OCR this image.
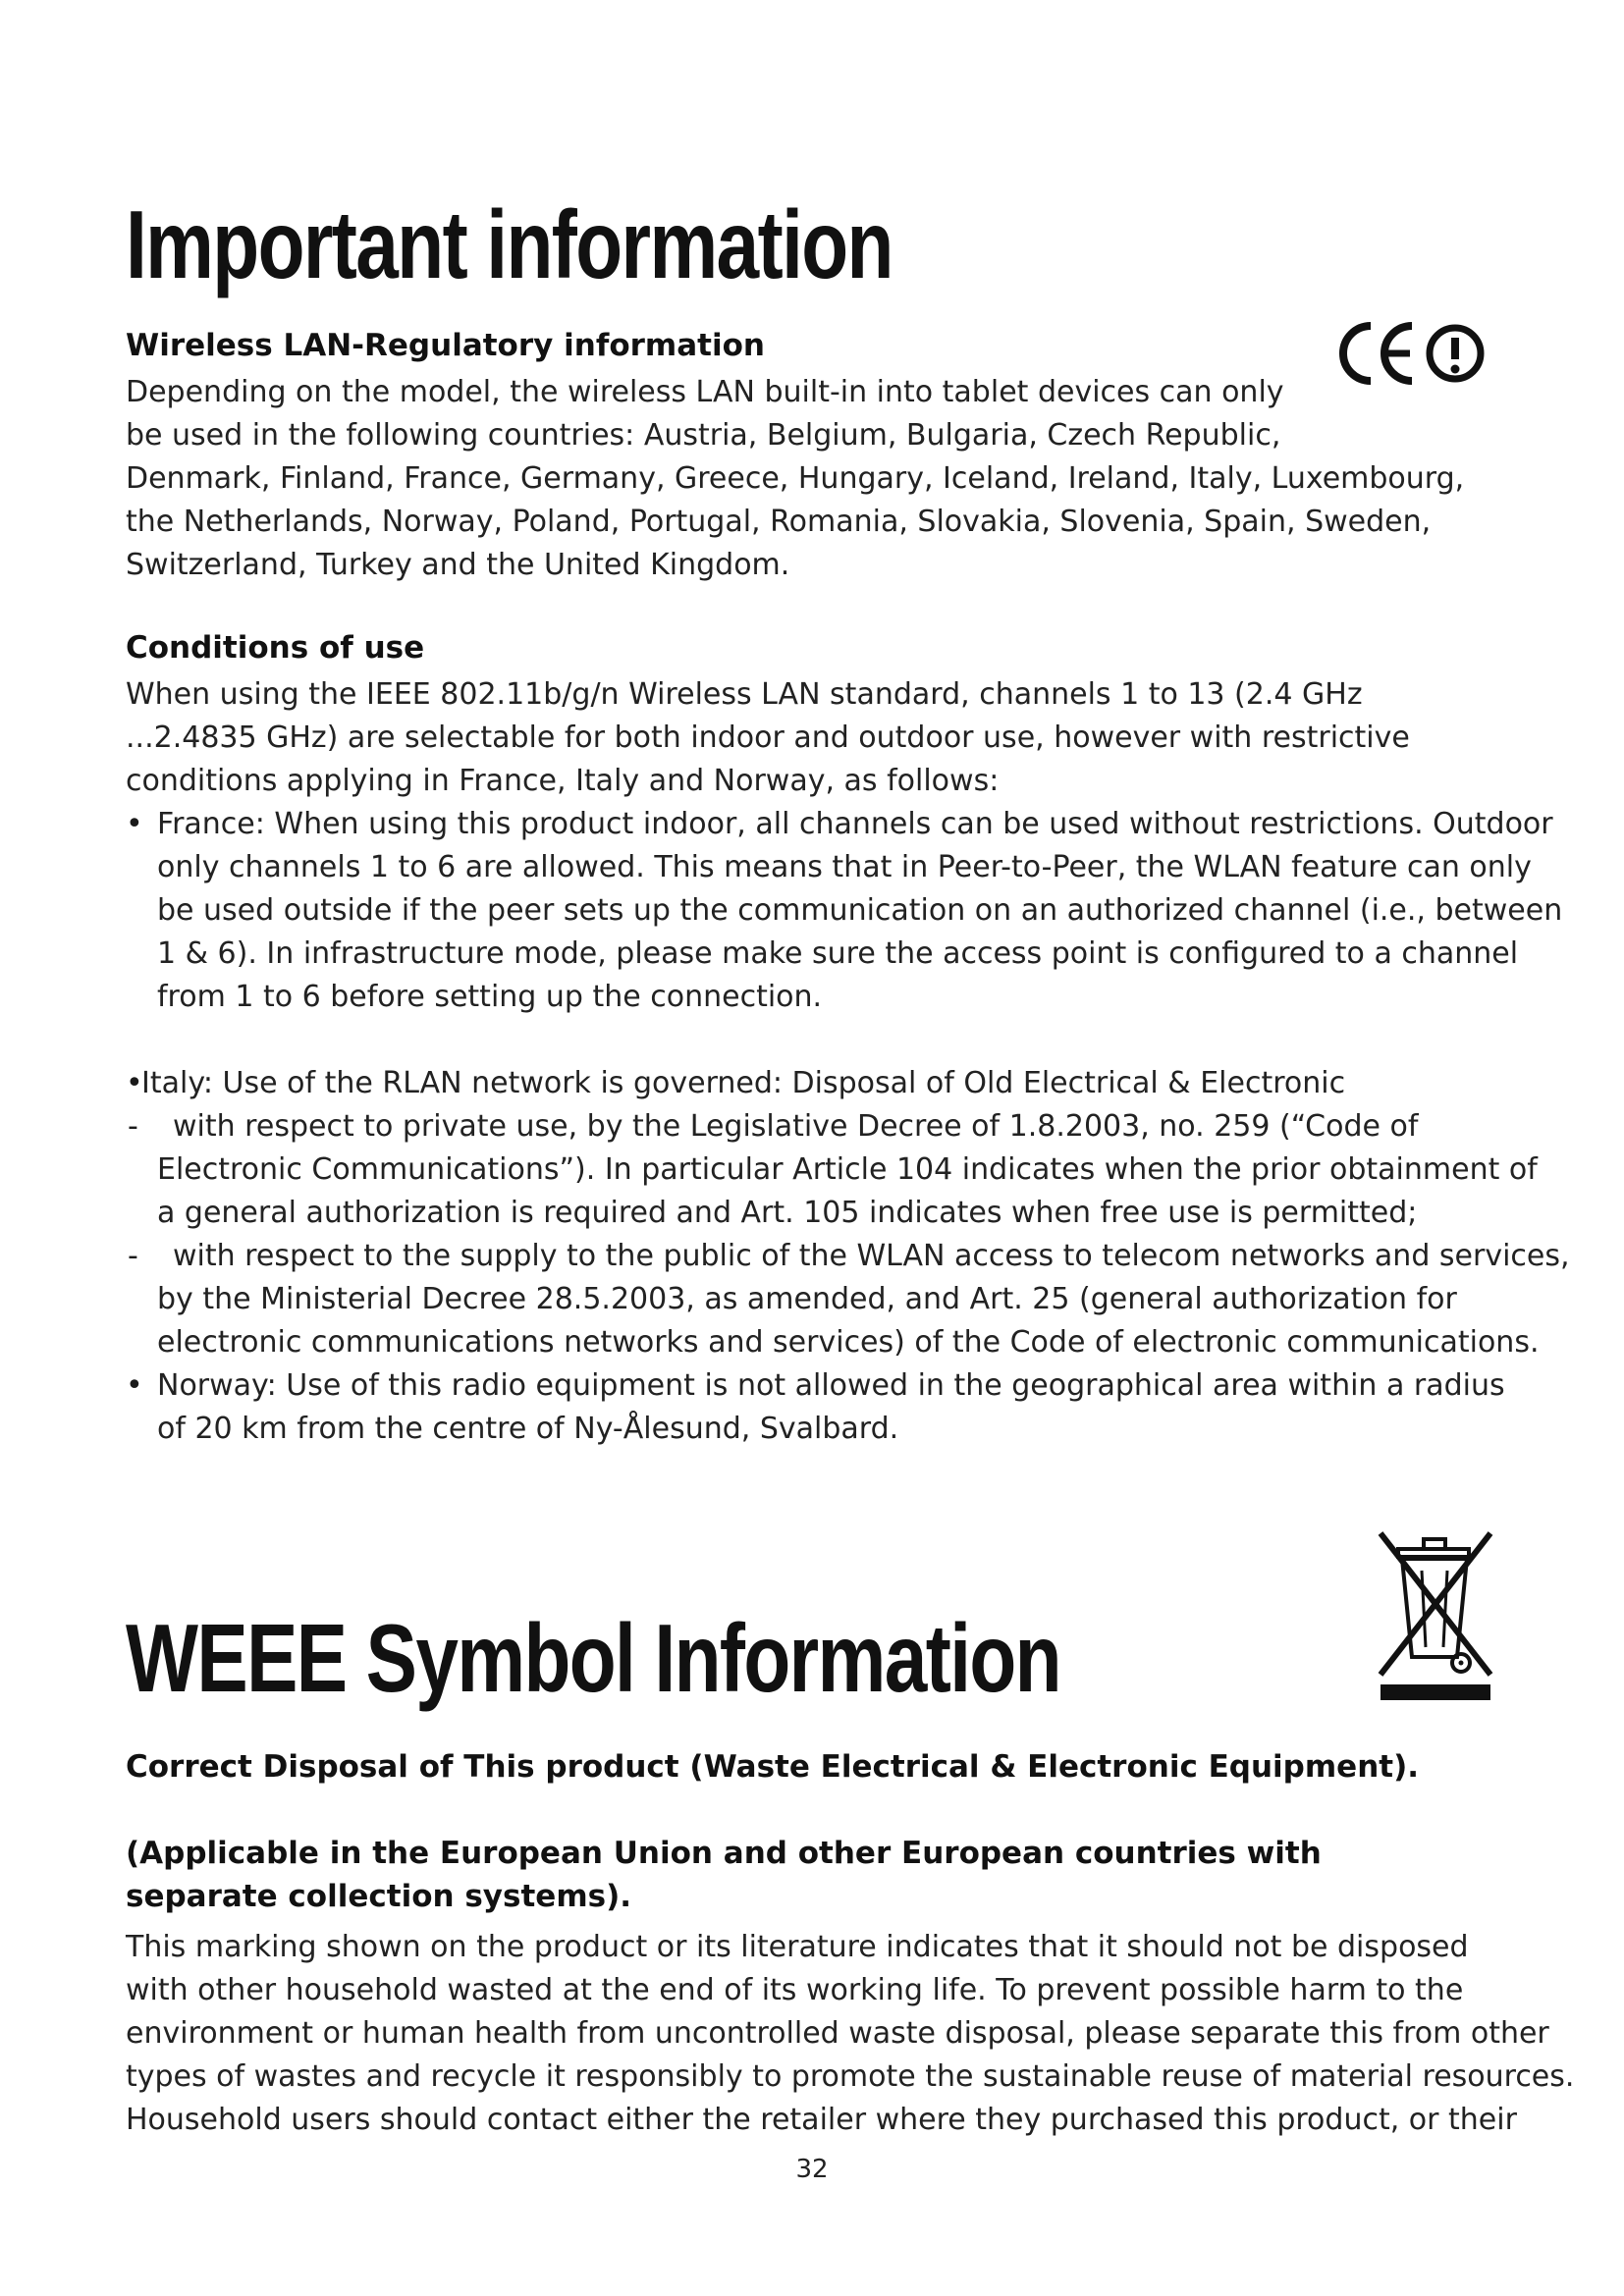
Important information
Wireless LAN-Regulatory information
Depending on the model, the wireless LAN built-in into tablet devices can only
be used in the following countries: Austria, Belgium, Bulgaria, Czech Republic,
Denmark, Finland, France, Germany, Greece, Hungary, Iceland, Ireland, Italy, Luxembourg,
the Netherlands, Norway, Poland, Portugal, Romania, Slovakia, Slovenia, Spain, Sweden,
Switzerland, Turkey and the United Kingdom.
Conditions of use
When using the IEEE 802.11b/g/n Wireless LAN standard, channels 1 to 13 (2.4 GHz
...2.4835 GHz) are selectable for both indoor and outdoor use, however with restrictive
conditions applying in France, Italy and Norway, as follows:
• France: When using this product indoor, all channels can be used without restrictions. Outdoor
only channels 1 to 6 are allowed. This means that in Peer-to-Peer, the WLAN feature can only
be used outside if the peer sets up the communication on an authorized channel (i.e., between
1 & 6). In infrastructure mode, please make sure the access point is configured to a channel
from 1 to 6 before setting up the connection.
•
Italy: Use of the RLAN network is governed: Disposal of Old Electrical & Electronic
-	with respect to private use, by the Legislative Decree of 1.8.2003, no. 259 (“Code of
Electronic Communications”). In particular Article 104 indicates when the prior obtainment of
a general authorization is required and Art. 105 indicates when free use is permitted;
-	with respect to the supply to the public of the WLAN access to telecom networks and services,
by the Ministerial Decree 28.5.2003, as amended, and Art. 25 (general authorization for
electronic communications networks and services) of the Code of electronic communications.
• Norway: Use of this radio equipment is not allowed in the geographical area within a radius
of 20 km from the centre of Ny-Ålesund, Svalbard.
WEEE Symbol Information
Correct Disposal of This product (Waste Electrical & Electronic Equipment).
(Applicable in the European Union and other European countries with
separate collection systems).
This marking shown on the product or its literature indicates that it should not be disposed
with other household wasted at the end of its working life. To prevent possible harm to the
environment or human health from uncontrolled waste disposal, please separate this from other
types of wastes and recycle it responsibly to promote the sustainable reuse of material resources.
Household users should contact either the retailer where they purchased this product, or their
32
